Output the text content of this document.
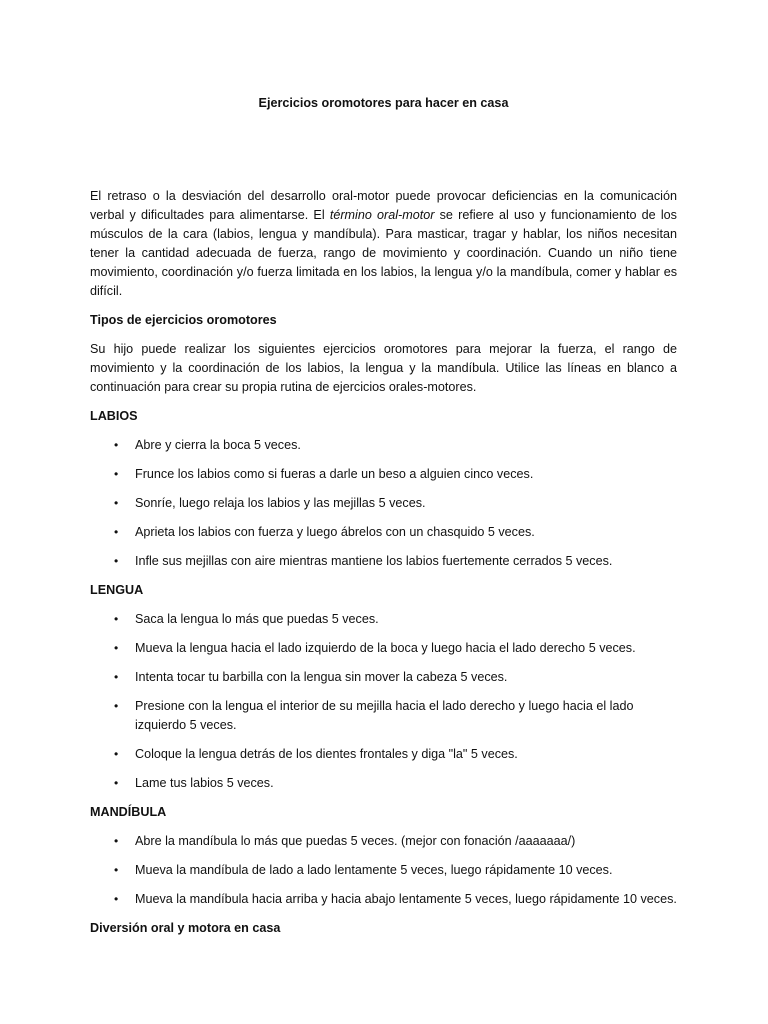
Ejercicios oromotores para hacer en casa

El retraso o la desviación del desarrollo oral-motor puede provocar deficiencias en la comunicación verbal y dificultades para alimentarse. El término oral-motor se refiere al uso y funcionamiento de los músculos de la cara (labios, lengua y mandíbula). Para masticar, tragar y hablar, los niños necesitan tener la cantidad adecuada de fuerza, rango de movimiento y coordinación. Cuando un niño tiene movimiento, coordinación y/o fuerza limitada en los labios, la lengua y/o la mandíbula, comer y hablar es difícil.

Tipos de ejercicios oromotores

Su hijo puede realizar los siguientes ejercicios oromotores para mejorar la fuerza, el rango de movimiento y la coordinación de los labios, la lengua y la mandíbula. Utilice las líneas en blanco a continuación para crear su propia rutina de ejercicios orales-motores.

LABIOS
• Abre y cierra la boca 5 veces.
• Frunce los labios como si fueras a darle un beso a alguien cinco veces.
• Sonríe, luego relaja los labios y las mejillas 5 veces.
• Aprieta los labios con fuerza y luego ábrelos con un chasquido 5 veces.
• Infle sus mejillas con aire mientras mantiene los labios fuertemente cerrados 5 veces.
LENGUA
• Saca la lengua lo más que puedas 5 veces.
• Mueva la lengua hacia el lado izquierdo de la boca y luego hacia el lado derecho 5 veces.
• Intenta tocar tu barbilla con la lengua sin mover la cabeza 5 veces.
• Presione con la lengua el interior de su mejilla hacia el lado derecho y luego hacia el lado izquierdo 5 veces.
• Coloque la lengua detrás de los dientes frontales y diga "la" 5 veces.
• Lame tus labios 5 veces.
MANDÍBULA
• Abre la mandíbula lo más que puedas 5 veces. (mejor con fonación /aaaaaaa/)
• Mueva la mandíbula de lado a lado lentamente 5 veces, luego rápidamente 10 veces.
• Mueva la mandíbula hacia arriba y hacia abajo lentamente 5 veces, luego rápidamente 10 veces.
Diversión oral y motora en casa
